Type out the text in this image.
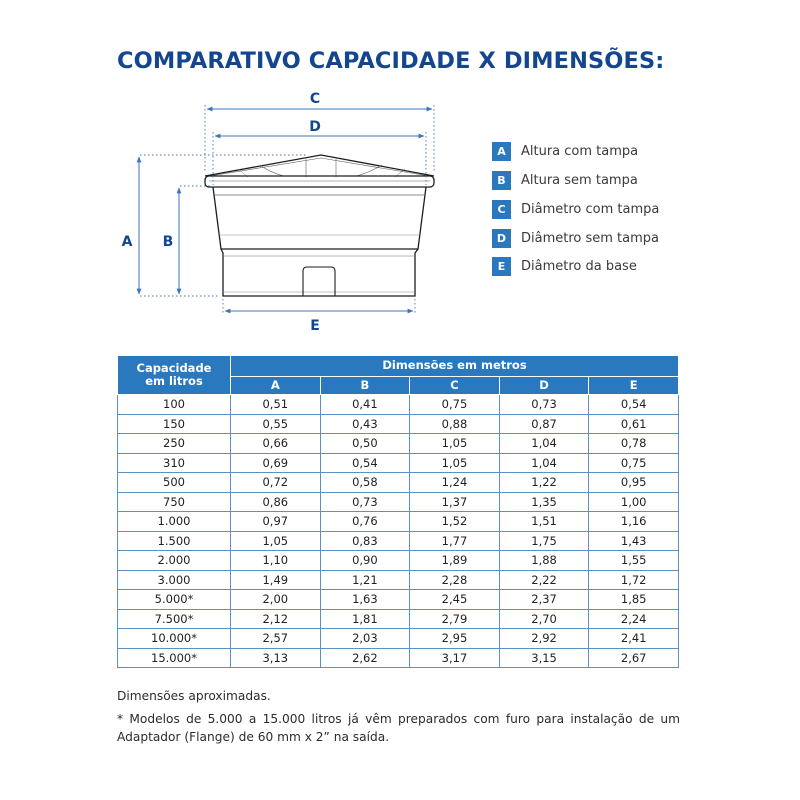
COMPARATIVO CAPACIDADE X DIMENSÕES:
C
D
A B
E
A	Altura com tampa
B	Altura sem tampa
C	Diâmetro com tampa
D	Diâmetro sem tampa
E	Diâmetro da base
Capacidade
em litros	Dimensões em metros				
	A	B	C	D	E
100	0,51	0,41	0,75	0,73	0,54
150	0,55	0,43	0,88	0,87	0,61
250	0,66	0,50	1,05	1,04	0,78
310	0,69	0,54	1,05	1,04	0,75
500	0,72	0,58	1,24	1,22	0,95
750	0,86	0,73	1,37	1,35	1,00
1.000	0,97	0,76	1,52	1,51	1,16
1.500	1,05	0,83	1,77	1,75	1,43
2.000	1,10	0,90	1,89	1,88	1,55
3.000	1,49	1,21	2,28	2,22	1,72
5.000*	2,00	1,63	2,45	2,37	1,85
7.500*	2,12	1,81	2,79	2,70	2,24
10.000*	2,57	2,03	2,95	2,92	2,41
15.000*	3,13	2,62	3,17	3,15	2,67

Dimensões aproximadas.

* Modelos de 5.000 a 15.000 litros já vêm preparados com furo para instalação de um Adaptador (Flange) de 60 mm x 2” na saída.
